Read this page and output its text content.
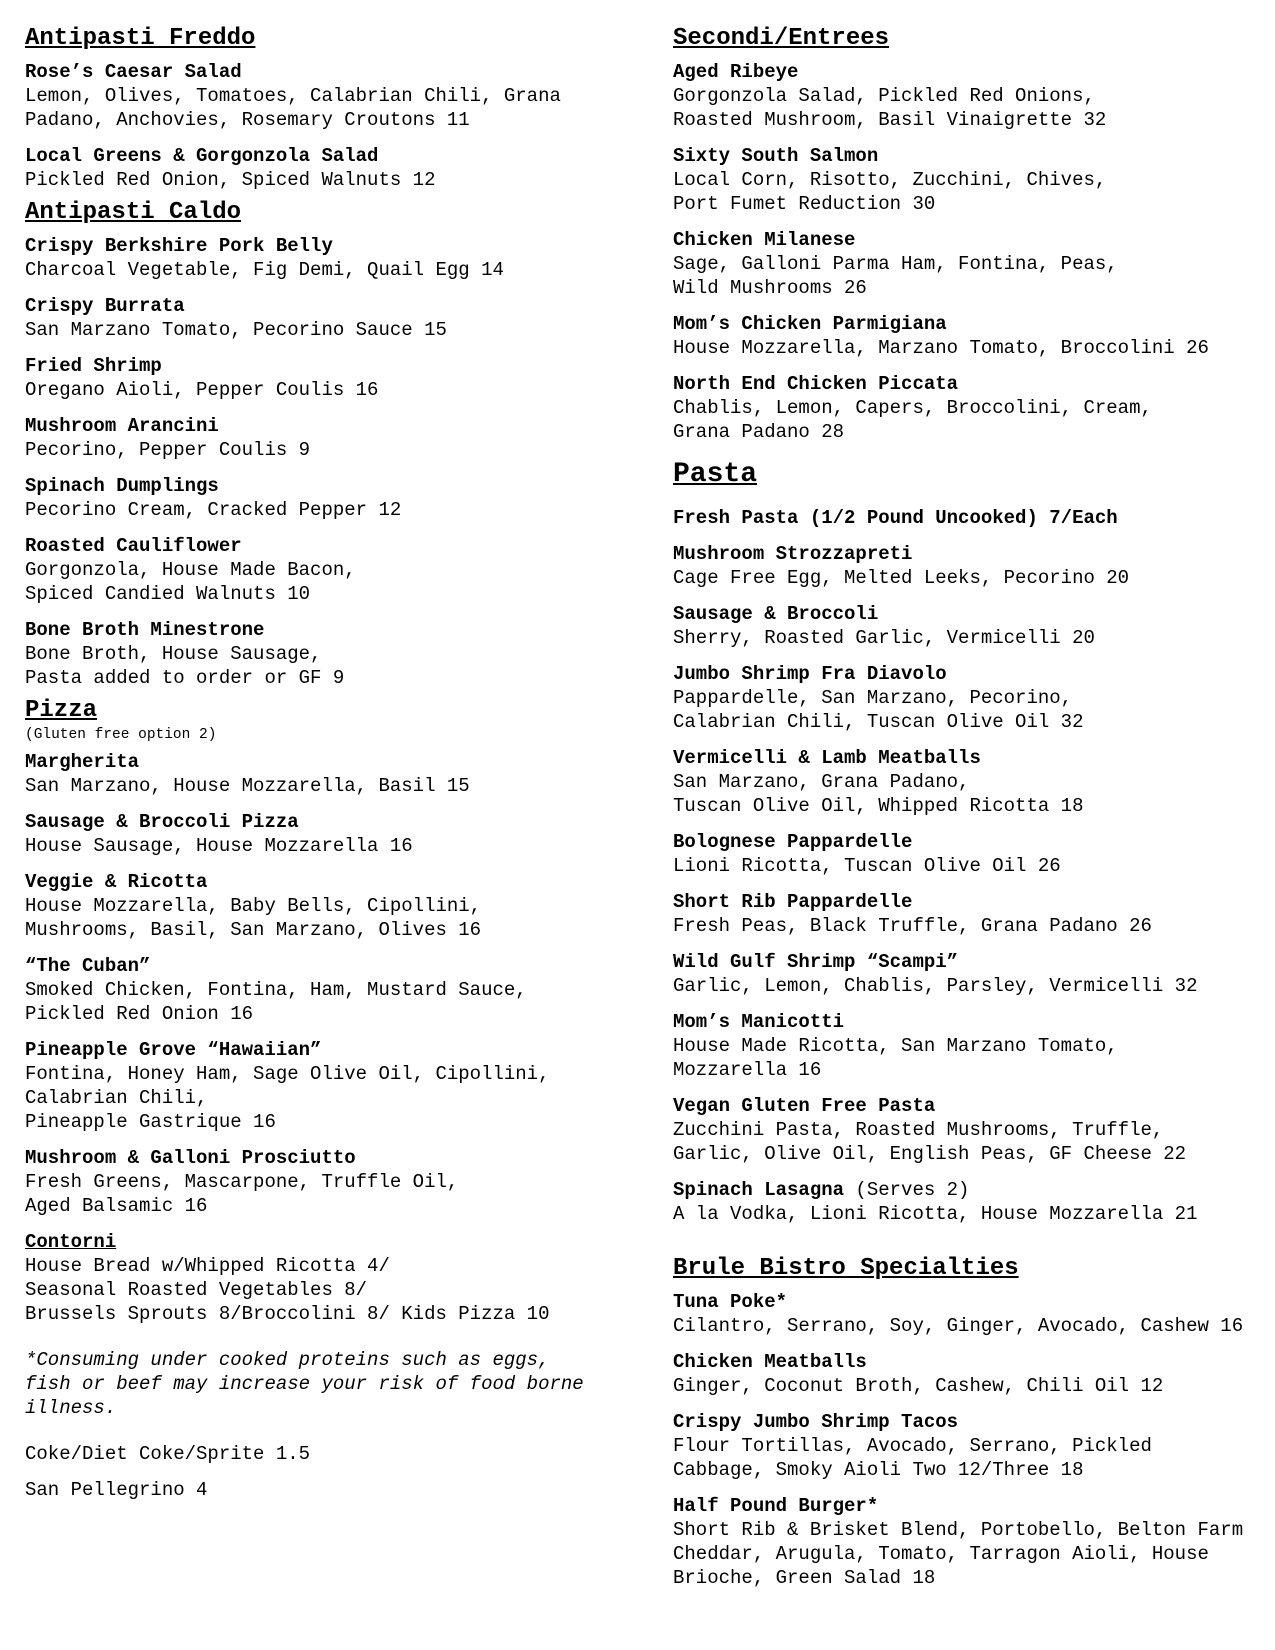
Antipasti Freddo
Rose’s Caesar Salad
Lemon, Olives, Tomatoes, Calabrian Chili, Grana
Padano, Anchovies, Rosemary Croutons 11
Local Greens & Gorgonzola Salad
Pickled Red Onion, Spiced Walnuts 12
Antipasti Caldo
Crispy Berkshire Pork Belly
Charcoal Vegetable, Fig Demi, Quail Egg 14
Crispy Burrata
San Marzano Tomato, Pecorino Sauce 15
Fried Shrimp
Oregano Aioli, Pepper Coulis 16
Mushroom Arancini
Pecorino, Pepper Coulis 9
Spinach Dumplings
Pecorino Cream, Cracked Pepper 12
Roasted Cauliflower
Gorgonzola, House Made Bacon,
Spiced Candied Walnuts 10
Bone Broth Minestrone
Bone Broth, House Sausage,
Pasta added to order or GF 9
Pizza
(Gluten free option 2)
Margherita
San Marzano, House Mozzarella, Basil 15
Sausage & Broccoli Pizza
House Sausage, House Mozzarella 16
Veggie & Ricotta
House Mozzarella, Baby Bells, Cipollini,
Mushrooms, Basil, San Marzano, Olives 16
“The Cuban”
Smoked Chicken, Fontina, Ham, Mustard Sauce,
Pickled Red Onion 16
Pineapple Grove “Hawaiian”
Fontina, Honey Ham, Sage Olive Oil, Cipollini,
Calabrian Chili,
Pineapple Gastrique 16
Mushroom & Galloni Prosciutto
Fresh Greens, Mascarpone, Truffle Oil,
Aged Balsamic 16
Contorni
House Bread w/Whipped Ricotta 4/
Seasonal Roasted Vegetables 8/
Brussels Sprouts 8/Broccolini 8/ Kids Pizza 10
*Consuming under cooked proteins such as eggs,
fish or beef may increase your risk of food borne
illness.
Coke/Diet Coke/Sprite 1.5
San Pellegrino 4
Secondi/Entrees
Aged Ribeye
Gorgonzola Salad, Pickled Red Onions,
Roasted Mushroom, Basil Vinaigrette 32
Sixty South Salmon
Local Corn, Risotto, Zucchini, Chives,
Port Fumet Reduction 30
Chicken Milanese
Sage, Galloni Parma Ham, Fontina, Peas,
Wild Mushrooms 26
Mom’s Chicken Parmigiana
House Mozzarella, Marzano Tomato, Broccolini 26
North End Chicken Piccata
Chablis, Lemon, Capers, Broccolini, Cream,
Grana Padano 28
Pasta
Fresh Pasta (1/2 Pound Uncooked) 7/Each
Mushroom Strozzapreti
Cage Free Egg, Melted Leeks, Pecorino 20
Sausage & Broccoli
Sherry, Roasted Garlic, Vermicelli 20
Jumbo Shrimp Fra Diavolo
Pappardelle, San Marzano, Pecorino,
Calabrian Chili, Tuscan Olive Oil 32
Vermicelli & Lamb Meatballs
San Marzano, Grana Padano,
Tuscan Olive Oil, Whipped Ricotta 18
Bolognese Pappardelle
Lioni Ricotta, Tuscan Olive Oil 26
Short Rib Pappardelle
Fresh Peas, Black Truffle, Grana Padano 26
Wild Gulf Shrimp “Scampi”
Garlic, Lemon, Chablis, Parsley, Vermicelli 32
Mom’s Manicotti
House Made Ricotta, San Marzano Tomato,
Mozzarella 16
Vegan Gluten Free Pasta
Zucchini Pasta, Roasted Mushrooms, Truffle,
Garlic, Olive Oil, English Peas, GF Cheese 22
Spinach Lasagna (Serves 2)
A la Vodka, Lioni Ricotta, House Mozzarella 21
Brule Bistro Specialties
Tuna Poke*
Cilantro, Serrano, Soy, Ginger, Avocado, Cashew 16
Chicken Meatballs
Ginger, Coconut Broth, Cashew, Chili Oil 12
Crispy Jumbo Shrimp Tacos
Flour Tortillas, Avocado, Serrano, Pickled
Cabbage, Smoky Aioli Two 12/Three 18
Half Pound Burger*
Short Rib & Brisket Blend, Portobello, Belton Farm
Cheddar, Arugula, Tomato, Tarragon Aioli, House
Brioche, Green Salad 18
